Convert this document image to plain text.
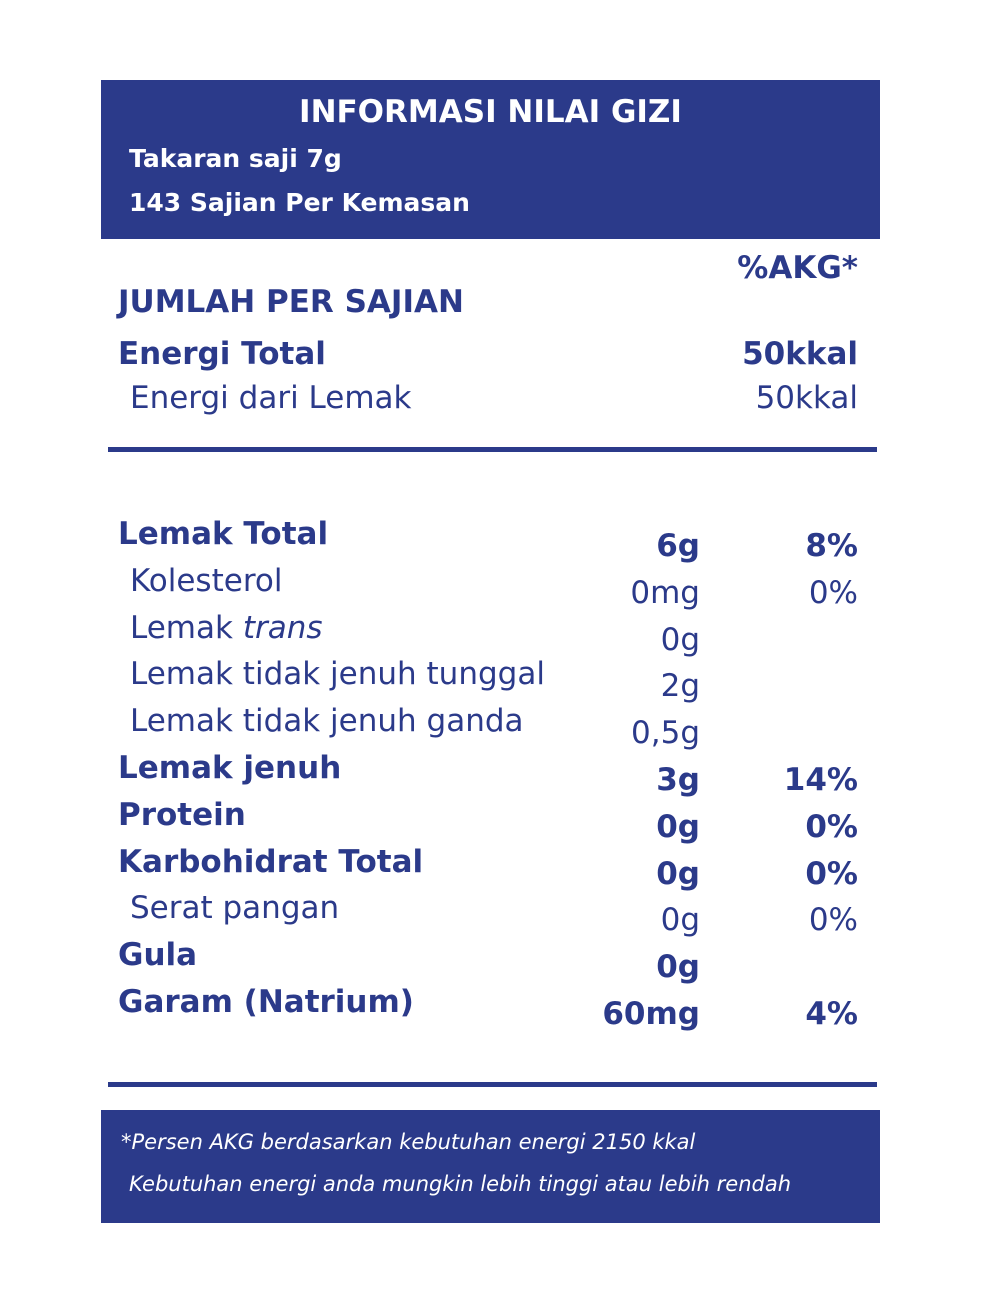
INFORMASI NILAI GIZI
Takaran saji 7g
143 Sajian Per Kemasan
%AKG*
JUMLAH PER SAJIAN
Energi Total	50kkal
Energi dari Lemak	50kkal
Lemak Total	6g	8%
Kolesterol	0mg	0%
Lemak trans	0g
Lemak tidak jenuh tunggal	2g
Lemak tidak jenuh ganda	0,5g
Lemak jenuh	3g	14%
Protein	0g	0%
Karbohidrat Total	0g	0%
Serat pangan	0g	0%
Gula	0g
Garam (Natrium)	60mg	4%
*Persen AKG berdasarkan kebutuhan energi 2150 kkal
Kebutuhan energi anda mungkin lebih tinggi atau lebih rendah
